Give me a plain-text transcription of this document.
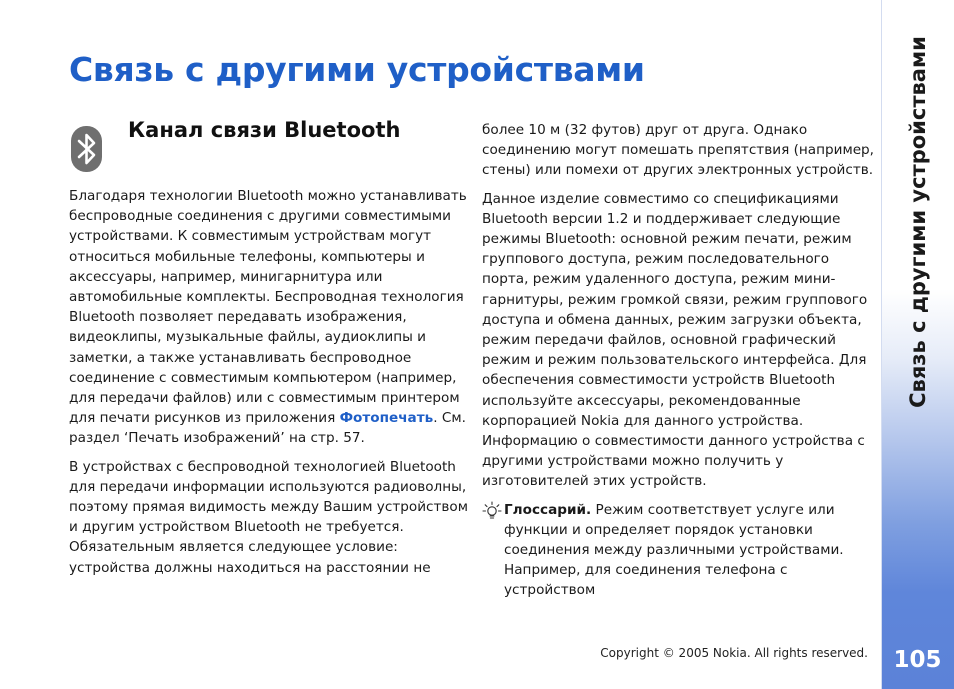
Связь с другими устройствами
Канал связи Bluetooth

Благодаря технологии Bluetooth можно устанавливать беспроводные соединения с другими совместимыми устройствами. К совместимым устройствам могут относиться мобильные телефоны, компьютеры и аксессуары, например, минигарнитура или автомобильные комплекты. Беспроводная технология Bluetooth позволяет передавать изображения, видеоклипы, музыкальные файлы, аудиоклипы и заметки, а также устанавливать беспроводное соединение с совместимым компьютером (например, для передачи файлов) или с совместимым принтером для печати рисунков из приложения Фотопечать. См. раздел ‘Печать изображений’ на стр. 57.

В устройствах с беспроводной технологией Bluetooth для передачи информации используются радиоволны, поэтому прямая видимость между Вашим устройством и другим устройством Bluetooth не требуется. Обязательным является следующее условие: устройства должны находиться на расстоянии не

более 10 м (32 футов) друг от друга. Однако соединению могут помешать препятствия (например, стены) или помехи от других электронных устройств.

Данное изделие совместимо со спецификациями Bluetooth версии 1.2 и поддерживает следующие режимы Bluetooth: основной режим печати, режим группового доступа, режим последовательного порта, режим удаленного доступа, режим мини-гарнитуры, режим громкой связи, режим группового доступа и обмена данных, режим загрузки объекта, режим передачи файлов, основной графический режим и режим пользовательского интерфейса. Для обеспечения совместимости устройств Bluetooth используйте аксессуары, рекомендованные корпорацией Nokia для данного устройства. Информацию о совместимости данного устройства с другими устройствами можно получить у изготовителей этих устройств.

Глоссарий. Режим соответствует услуге или функции и определяет порядок установки соединения между различными устройствами. Например, для соединения телефона с устройством
Связь с другими устройствами
105
Copyright © 2005 Nokia. All rights reserved.
